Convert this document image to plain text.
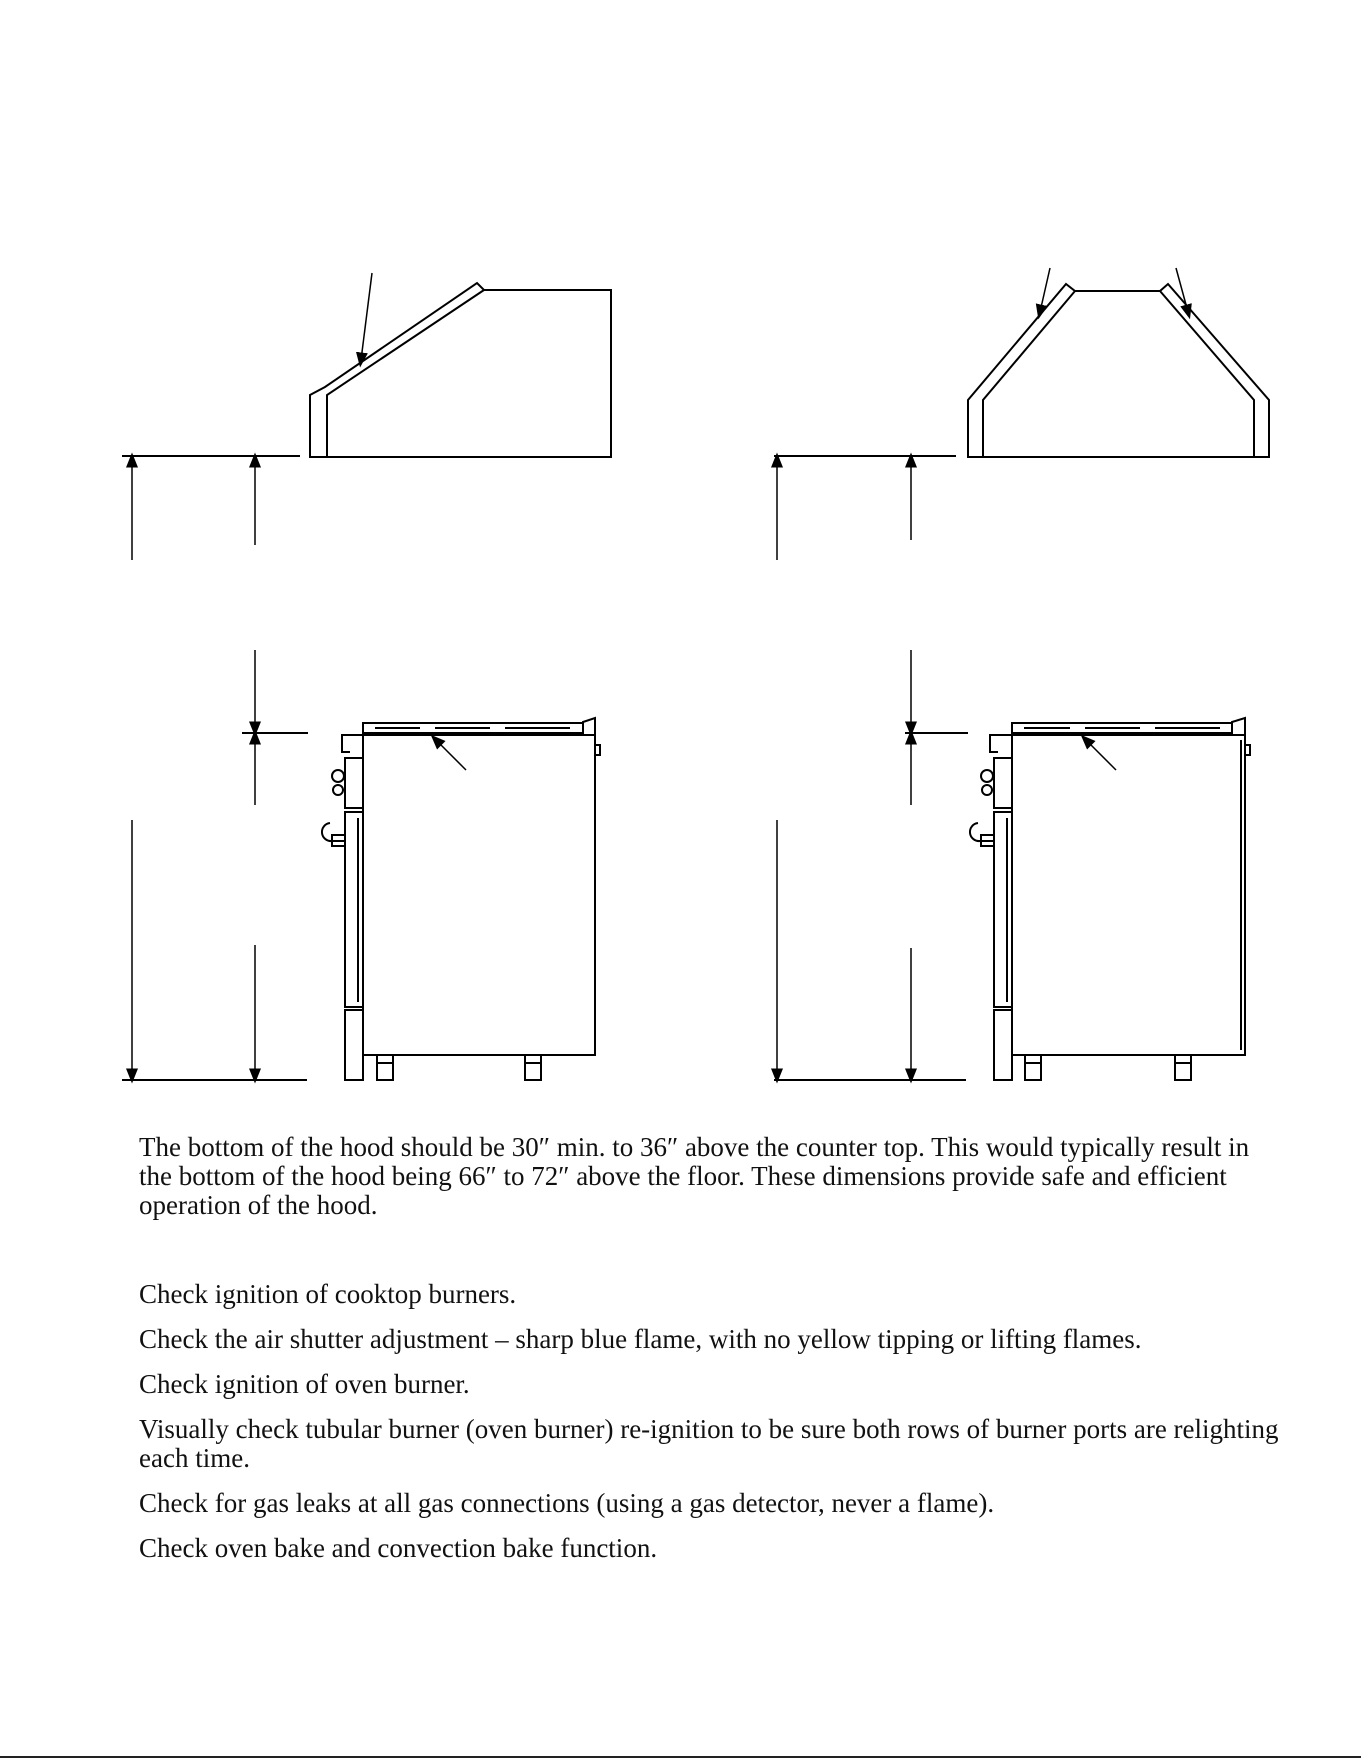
The bottom of the hood should be 30″ min. to 36″ above the counter top. This would typically result in the bottom of the hood being 66″ to 72″ above the floor. These dimensions provide safe and efficient operation of the hood.

Check ignition of cooktop burners.
Check the air shutter adjustment – sharp blue flame, with no yellow tipping or lifting flames.
Check ignition of oven burner.
Visually check tubular burner (oven burner) re-ignition to be sure both rows of burner ports are relighting each time.
Check for gas leaks at all gas connections (using a gas detector, never a flame).
Check oven bake and convection bake function.
